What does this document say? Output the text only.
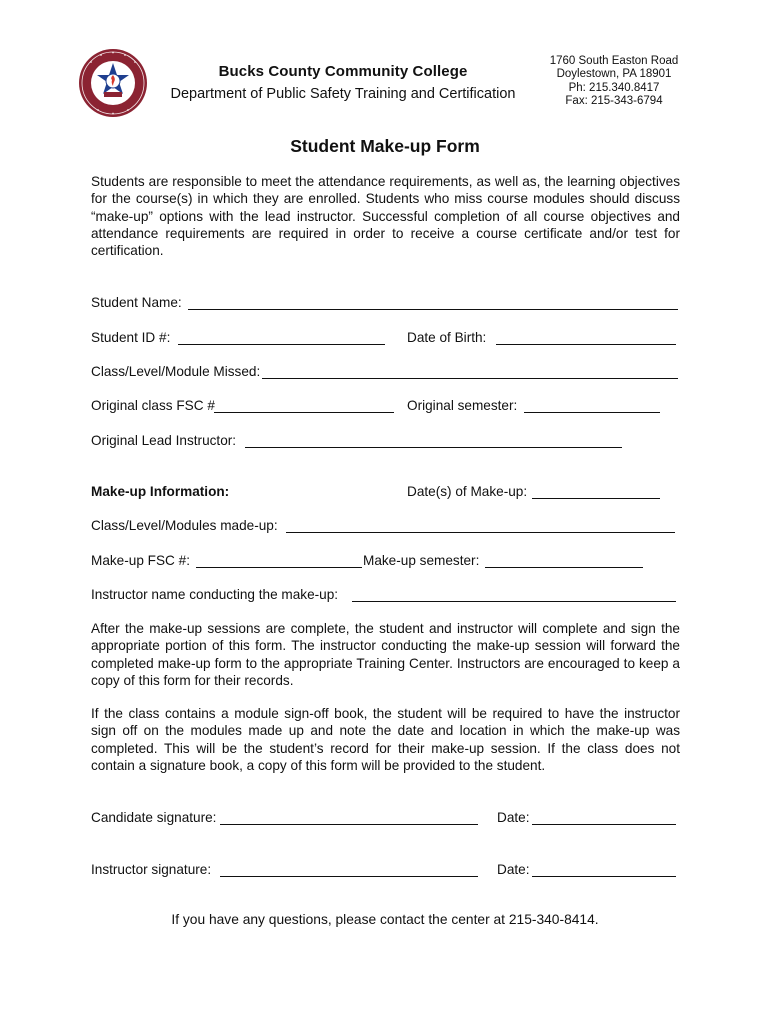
Bucks County Community College
Department of Public Safety Training and Certification
1760 South Easton Road
Doylestown, PA 18901
Ph: 215.340.8417
Fax: 215-343-6794
Student Make-up Form

Students are responsible to meet the attendance requirements, as well as, the learning objectives for the course(s) in which they are enrolled. Students who miss course modules should discuss “make-up” options with the lead instructor. Successful completion of all course objectives and attendance requirements are required in order to receive a course certificate and/or test for certification.

Student Name:
Student ID #:	Date of Birth:
Class/Level/Module Missed:
Original class FSC #	Original semester:
Original Lead Instructor:
Make-up Information:	Date(s) of Make-up:
Class/Level/Modules made-up:
Make-up FSC #:	Make-up semester:
Instructor name conducting the make-up:

After the make-up sessions are complete, the student and instructor will complete and sign the appropriate portion of this form. The instructor conducting the make-up session will forward the completed make-up form to the appropriate Training Center. Instructors are encouraged to keep a copy of this form for their records.

If the class contains a module sign-off book, the student will be required to have the instructor sign off on the modules made up and note the date and location in which the make-up was completed. This will be the student’s record for their make-up session. If the class does not contain a signature book, a copy of this form will be provided to the student.

Candidate signature:	Date:
Instructor signature:	Date:
If you have any questions, please contact the center at 215-340-8414.
